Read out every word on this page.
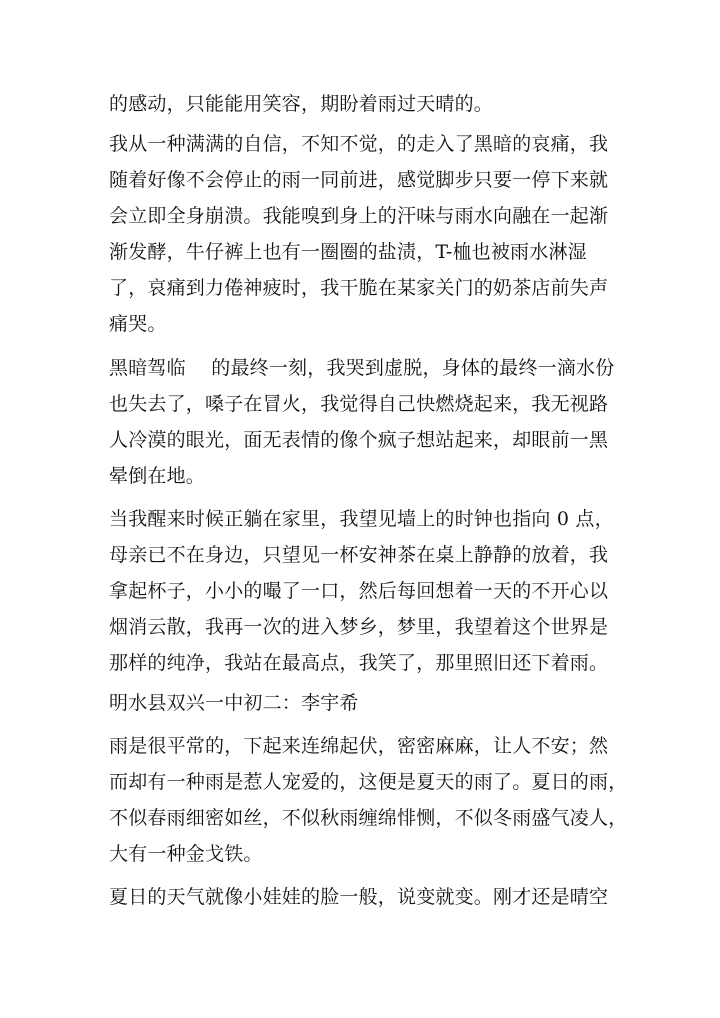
的感动，只能能用笑容，期盼着雨过天晴的。
我从一种满满的自信，不知不觉，的走入了黑暗的哀痛，我
随着好像不会停止的雨一同前进，感觉脚步只要一停下来就
会立即全身崩溃。我能嗅到身上的汗味与雨水向融在一起渐
渐发酵，牛仔裤上也有一圈圈的盐渍，T-桖也被雨水淋湿
了，哀痛到力倦神疲时，我干脆在某家关门的奶茶店前失声
痛哭。
黑暗驾临　 的最终一刻，我哭到虚脱，身体的最终一滴水份
也失去了，嗓子在冒火，我觉得自己快燃烧起来，我无视路
人冷漠的眼光，面无表情的像个疯子想站起来，却眼前一黑
晕倒在地。
当我醒来时候正躺在家里，我望见墙上的时钟也指向 0 点，
母亲已不在身边，只望见一杯安神茶在桌上静静的放着，我
拿起杯子，小小的嘬了一口，然后每回想着一天的不开心以
烟消云散，我再一次的进入梦乡，梦里，我望着这个世界是
那样的纯净，我站在最高点，我笑了，那里照旧还下着雨。
明水县双兴一中初二：李宇希
雨是很平常的，下起来连绵起伏，密密麻麻，让人不安；然
而却有一种雨是惹人宠爱的，这便是夏天的雨了。夏日的雨，
不似春雨细密如丝，不似秋雨缠绵悱恻，不似冬雨盛气凌人，
大有一种金戈铁。
夏日的天气就像小娃娃的脸一般，说变就变。刚才还是晴空
